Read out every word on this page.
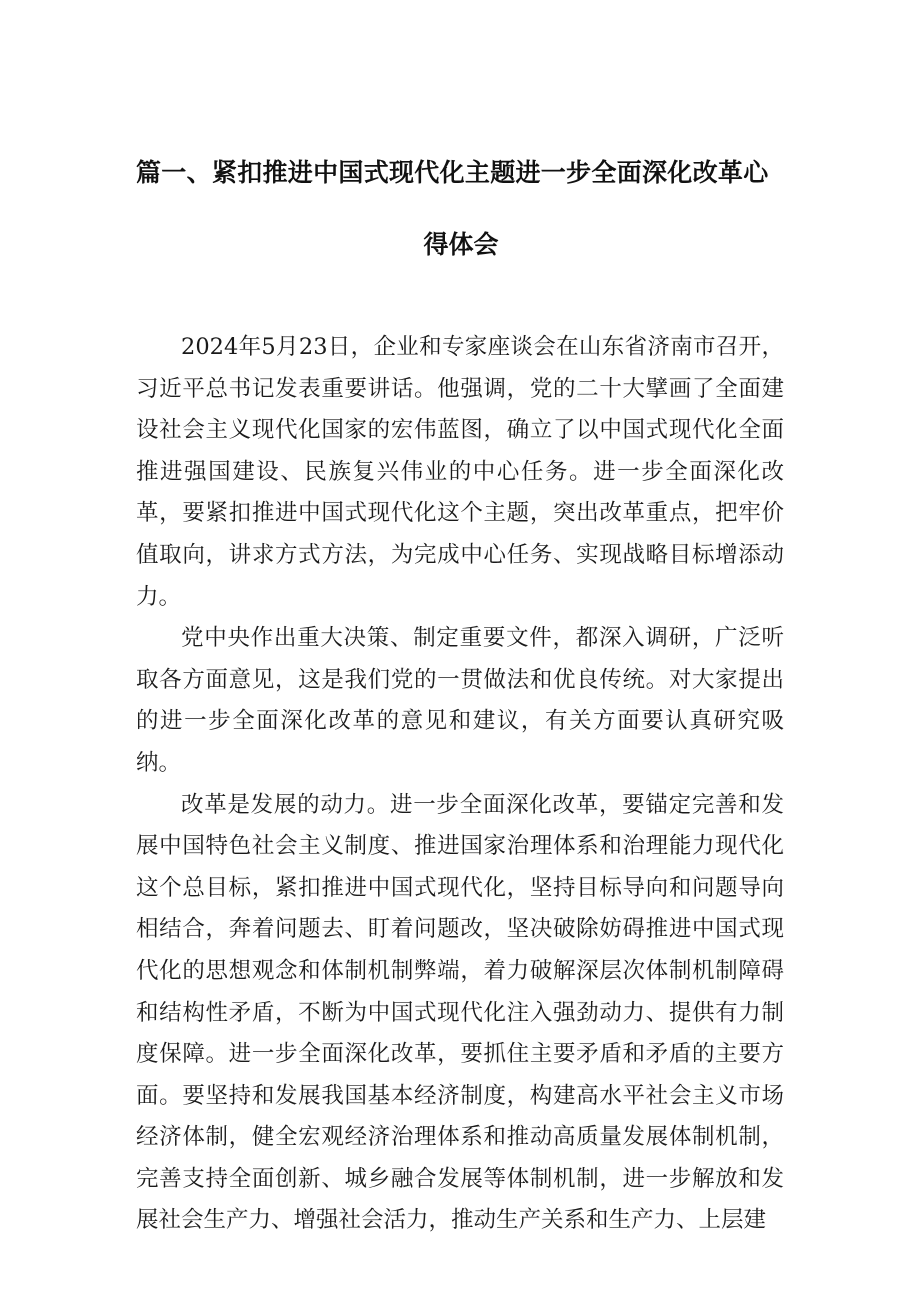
篇一、紧扣推进中国式现代化主题进一步全面深化改革心
得体会

2024年5月23日，企业和专家座谈会在山东省济南市召开，习近平总书记发表重要讲话。他强调，党的二十大擘画了全面建设社会主义现代化国家的宏伟蓝图，确立了以中国式现代化全面推进强国建设、民族复兴伟业的中心任务。进一步全面深化改革，要紧扣推进中国式现代化这个主题，突出改革重点，把牢价值取向，讲求方式方法，为完成中心任务、实现战略目标增添动力。

党中央作出重大决策、制定重要文件，都深入调研，广泛听取各方面意见，这是我们党的一贯做法和优良传统。对大家提出的进一步全面深化改革的意见和建议，有关方面要认真研究吸纳。

改革是发展的动力。进一步全面深化改革，要锚定完善和发展中国特色社会主义制度、推进国家治理体系和治理能力现代化这个总目标，紧扣推进中国式现代化，坚持目标导向和问题导向相结合，奔着问题去、盯着问题改，坚决破除妨碍推进中国式现代化的思想观念和体制机制弊端，着力破解深层次体制机制障碍和结构性矛盾，不断为中国式现代化注入强劲动力、提供有力制度保障。进一步全面深化改革，要抓住主要矛盾和矛盾的主要方面。要坚持和发展我国基本经济制度，构建高水平社会主义市场经济体制，健全宏观经济治理体系和推动高质量发展体制机制，完善支持全面创新、城乡融合发展等体制机制，进一步解放和发展社会生产力、增强社会活力，推动生产关系和生产力、上层建
